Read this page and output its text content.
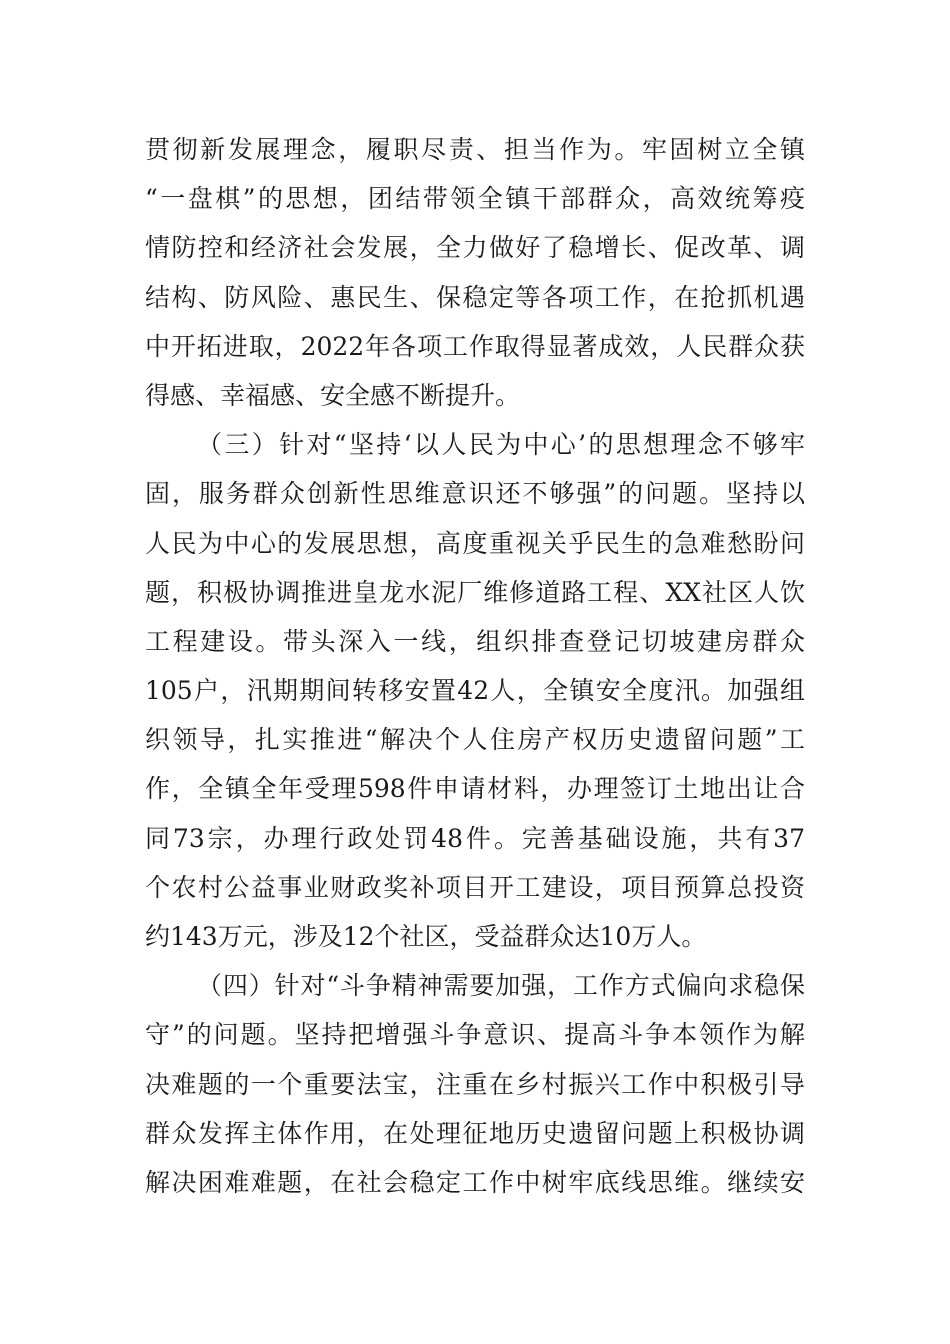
贯彻新发展理念，履职尽责、担当作为。牢固树立全镇
“一盘棋”的思想，团结带领全镇干部群众，高效统筹疫
情防控和经济社会发展，全力做好了稳增长、促改革、调
结构、防风险、惠民生、保稳定等各项工作，在抢抓机遇
中开拓进取，2022年各项工作取得显著成效，人民群众获
得感、幸福感、安全感不断提升。
（三）针对“坚持‘以人民为中心’的思想理念不够牢
固，服务群众创新性思维意识还不够强”的问题。坚持以
人民为中心的发展思想，高度重视关乎民生的急难愁盼问
题，积极协调推进皇龙水泥厂维修道路工程、XX社区人饮
工程建设。带头深入一线，组织排查登记切坡建房群众
105户，汛期期间转移安置42人，全镇安全度汛。加强组
织领导，扎实推进“解决个人住房产权历史遗留问题”工
作，全镇全年受理598件申请材料，办理签订土地出让合
同73宗，办理行政处罚48件。完善基础设施，共有37
个农村公益事业财政奖补项目开工建设，项目预算总投资
约143万元，涉及12个社区，受益群众达10万人。
（四）针对“斗争精神需要加强，工作方式偏向求稳保
守”的问题。坚持把增强斗争意识、提高斗争本领作为解
决难题的一个重要法宝，注重在乡村振兴工作中积极引导
群众发挥主体作用，在处理征地历史遗留问题上积极协调
解决困难难题，在社会稳定工作中树牢底线思维。继续安
